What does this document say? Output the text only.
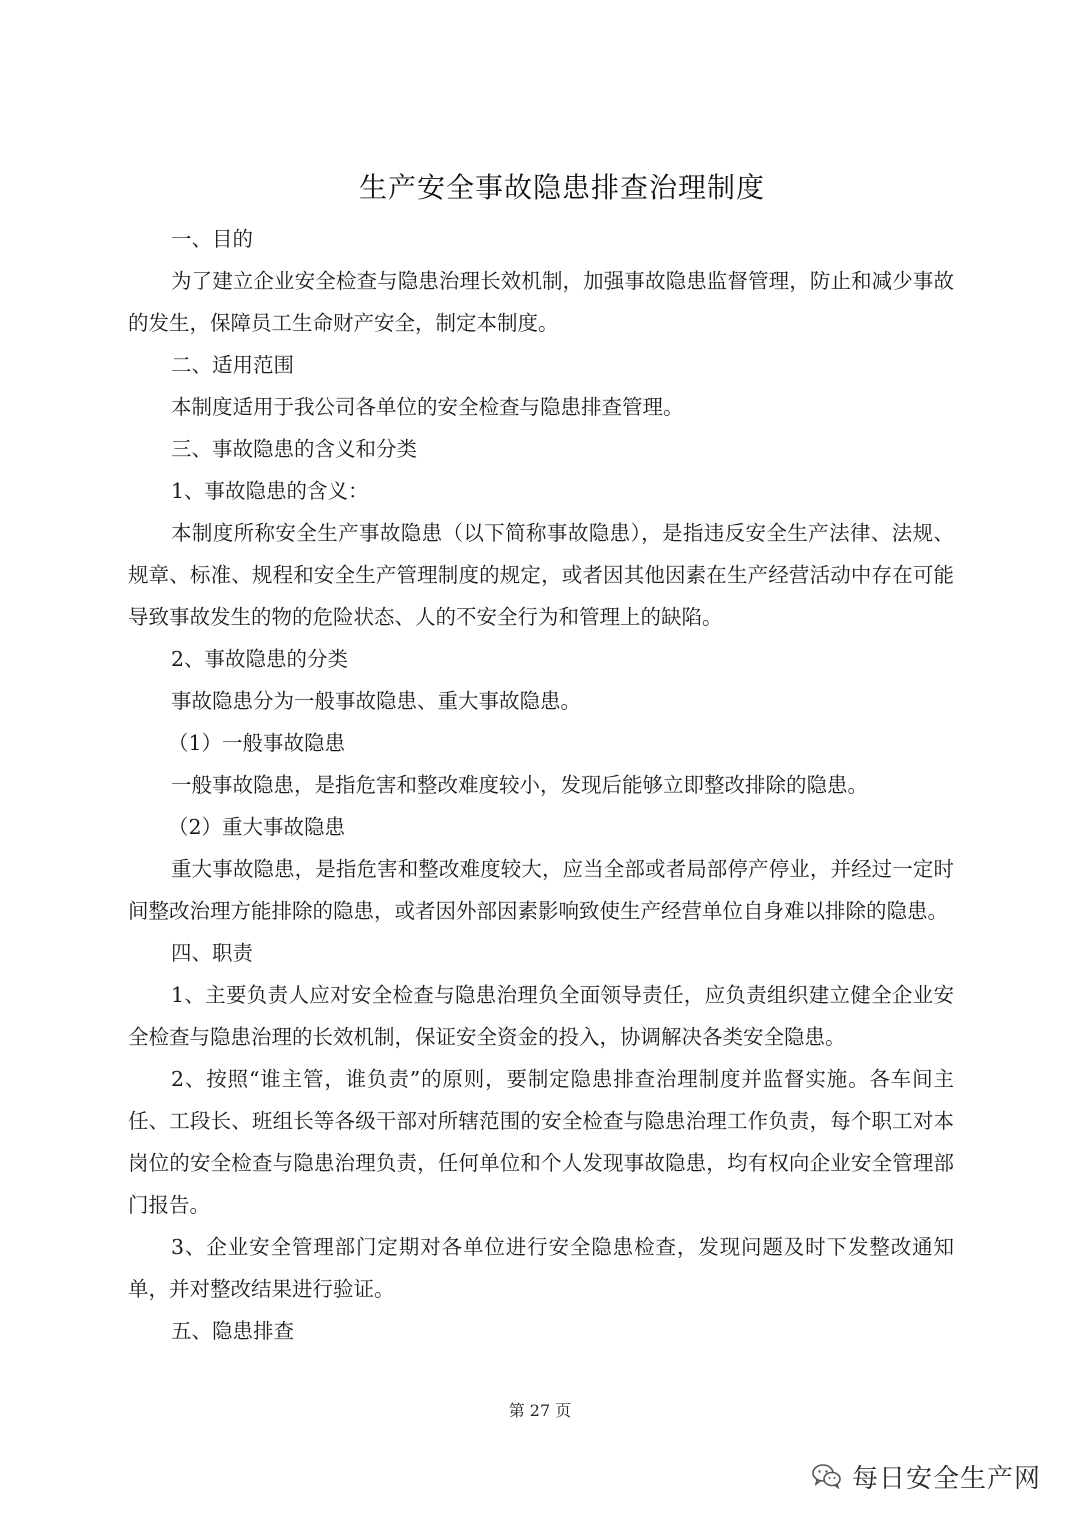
生产安全事故隐患排查治理制度

一、目的

为了建立企业安全检查与隐患治理长效机制，加强事故隐患监督管理，防止和减少事故的发生，保障员工生命财产安全，制定本制度。

二、适用范围

本制度适用于我公司各单位的安全检查与隐患排查管理。

三、事故隐患的含义和分类

1、事故隐患的含义：

本制度所称安全生产事故隐患（以下简称事故隐患），是指违反安全生产法律、法规、规章、标准、规程和安全生产管理制度的规定，或者因其他因素在生产经营活动中存在可能导致事故发生的物的危险状态、人的不安全行为和管理上的缺陷。

2、事故隐患的分类

事故隐患分为一般事故隐患、重大事故隐患。

（1）一般事故隐患

一般事故隐患，是指危害和整改难度较小，发现后能够立即整改排除的隐患。

（2）重大事故隐患

重大事故隐患，是指危害和整改难度较大，应当全部或者局部停产停业，并经过一定时间整改治理方能排除的隐患，或者因外部因素影响致使生产经营单位自身难以排除的隐患。

四、职责

1、主要负责人应对安全检查与隐患治理负全面领导责任，应负责组织建立健全企业安全检查与隐患治理的长效机制，保证安全资金的投入，协调解决各类安全隐患。

2、按照“谁主管，谁负责”的原则，要制定隐患排查治理制度并监督实施。各车间主任、工段长、班组长等各级干部对所辖范围的安全检查与隐患治理工作负责，每个职工对本岗位的安全检查与隐患治理负责，任何单位和个人发现事故隐患，均有权向企业安全管理部门报告。

3、企业安全管理部门定期对各单位进行安全隐患检查，发现问题及时下发整改通知单，并对整改结果进行验证。

五、隐患排查

第 27 页
每日安全生产网
